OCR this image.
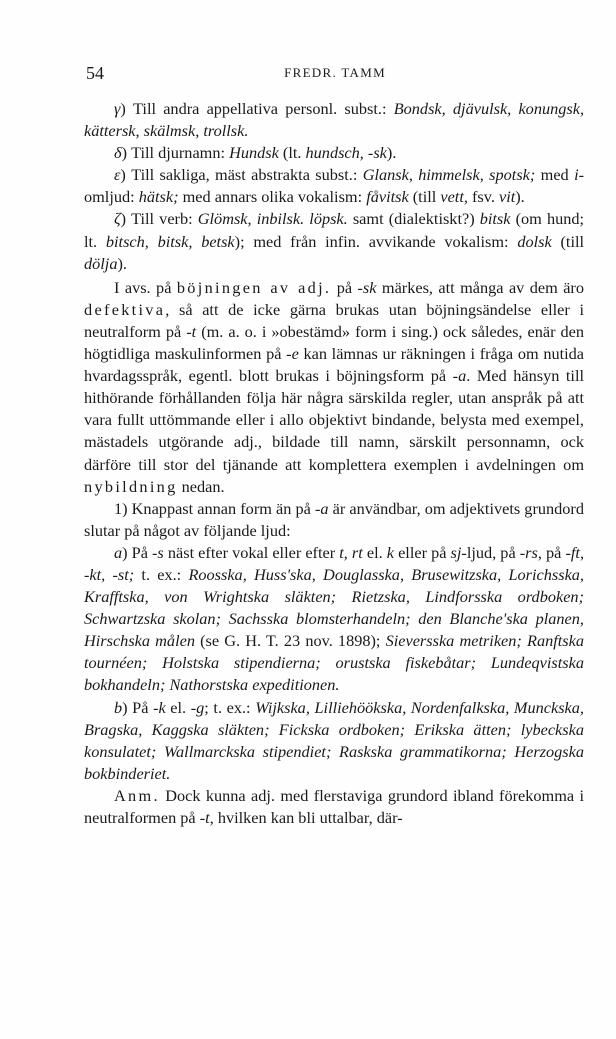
54	FREDR. TAMM

γ) Till andra appellativa personl. subst.: Bondsk, djävulsk, konungsk, kättersk, skälmsk, trollsk.

δ) Till djurnamn: Hundsk (lt. hundsch, -sk).

ε) Till sakliga, mäst abstrakta subst.: Glansk, himmelsk, spotsk; med i-omljud: hätsk; med annars olika vokalism: fåvitsk (till vett, fsv. vit).

ζ) Till verb: Glömsk, inbilsk. löpsk. samt (dialektiskt?) bitsk (om hund; lt. bitsch, bitsk, betsk); med från infin. avvikande vokalism: dolsk (till dölja).

I avs. på böjningen av adj. på -sk märkes, att många av dem äro defektiva, så att de icke gärna brukas utan böjningsändelse eller i neutralform på -t (m. a. o. i »obestämd» form i sing.) ock således, enär den högtidliga maskulinformen på -e kan lämnas ur räkningen i fråga om nutida hvardagsspråk, egentl. blott brukas i böjningsform på -a. Med hänsyn till hithörande förhållanden följa här några särskilda regler, utan anspråk på att vara fullt uttömmande eller i allo objektivt bindande, belysta med exempel, mästadels utgörande adj., bildade till namn, särskilt personnamn, ock därföre till stor del tjänande att komplettera exemplen i avdelningen om nybildning nedan.

1) Knappast annan form än på -a är användbar, om adjektivets grundord slutar på något av följande ljud:

a) På -s näst efter vokal eller efter t, rt el. k eller på sj-ljud, på -rs, på -ft, -kt, -st; t. ex.: Roosska, Huss'ska, Douglasska, Brusewitzska, Lorichsska, Krafftska, von Wrightska släkten; Rietzska, Lindforsska ordboken; Schwartzska skolan; Sachsska blomsterhandeln; den Blanche'ska planen, Hirschska målen (se G. H. T. 23 nov. 1898); Sieversska metriken; Ranftska tournéen; Holstska stipendierna; orustska fiskebåtar; Lundeqvistska bokhandeln; Nathorstska expeditionen.

b) På -k el. -g; t. ex.: Wijkska, Lilliehöökska, Nordenfalkska, Munckska, Bragska, Kaggska släkten; Fickska ordboken; Erikska ätten; lybeckska konsulatet; Wallmarckska stipendiet; Raskska grammatikorna; Herzogska bokbinderiet.

Anm. Dock kunna adj. med flerstaviga grundord ibland förekomma i neutralformen på -t, hvilken kan bli uttalbar, där-
